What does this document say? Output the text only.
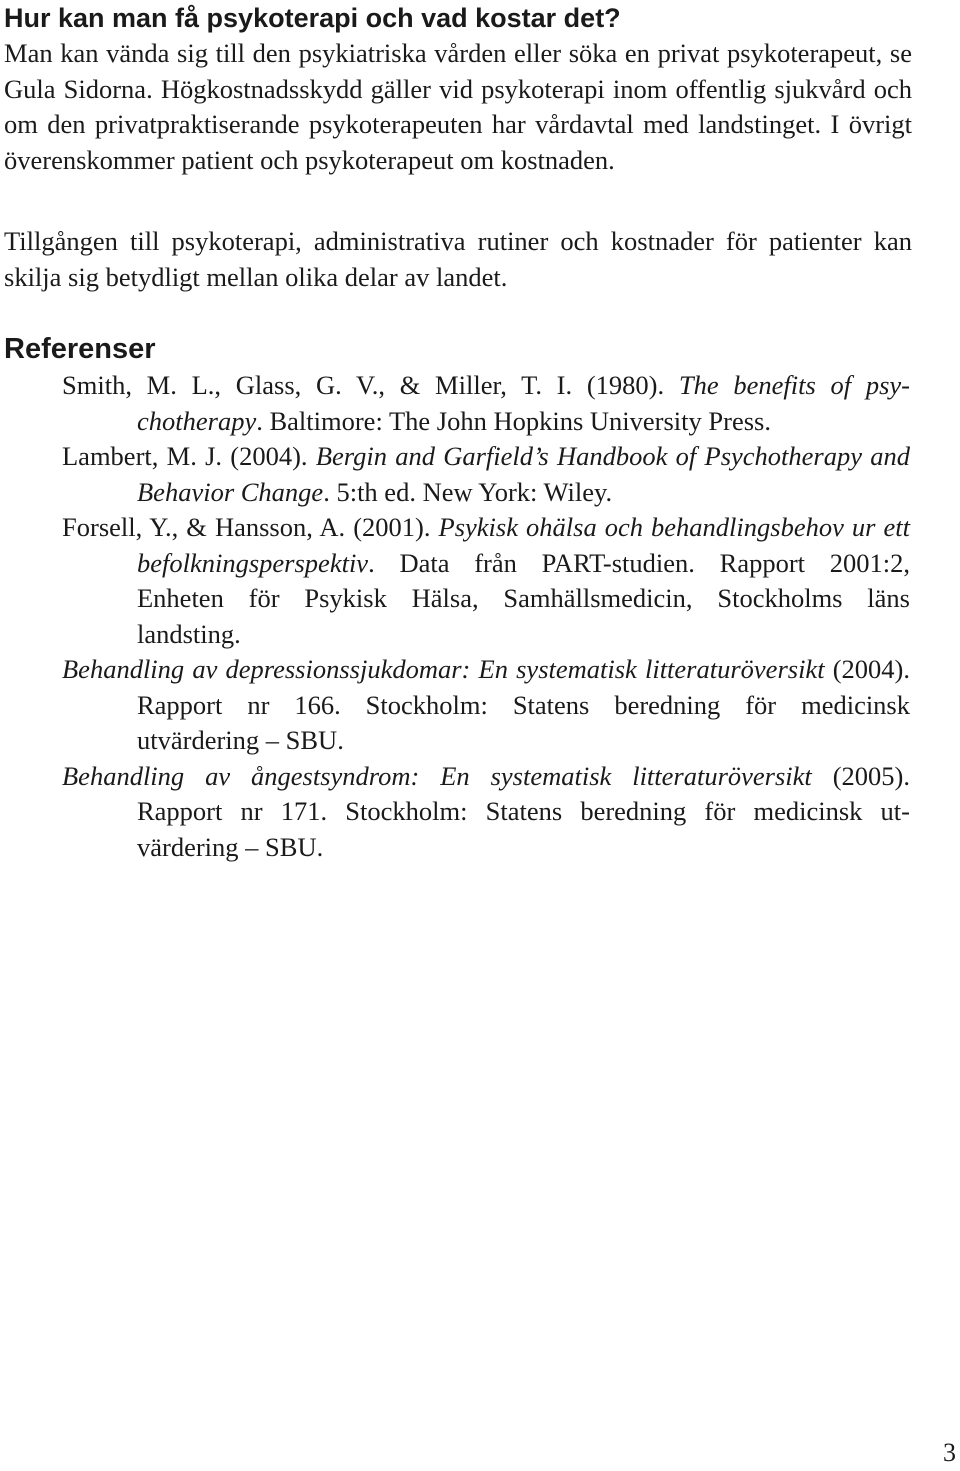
Hur kan man få psykoterapi och vad kostar det?

Man kan vända sig till den psykiatriska vården eller söka en privat psykoterapeut, se Gula Sidorna. Högkostnadsskydd gäller vid psykoterapi inom offentlig sjukvård och om den privatpraktiserande psykoterapeuten har vårdavtal med landstinget. I övrigt överenskommer patient och psykoterapeut om kostnaden.

Tillgången till psykoterapi, administrativa rutiner och kostnader för patienter kan skilja sig betydligt mellan olika delar av landet.

Referenser
Smith, M. L., Glass, G. V., & Miller, T. I. (1980). The benefits of psychotherapy. Baltimore: The John Hopkins University Press.
Lambert, M. J. (2004). Bergin and Garfield’s Handbook of Psychotherapy and Behavior Change. 5:th ed. New York: Wiley.
Forsell, Y., & Hansson, A. (2001). Psykisk ohälsa och behandlingsbehov ur ett befolkningsperspektiv. Data från PART-studien. Rapport 2001:2, Enheten för Psykisk Hälsa, Samhällsmedicin, Stockholms läns landsting.
Behandling av depressionssjukdomar: En systematisk litteraturöversikt (2004). Rapport nr 166. Stockholm: Statens beredning för medicinsk utvärdering – SBU.
Behandling av ångestsyndrom: En systematisk litteraturöversikt (2005). Rapport nr 171. Stockholm: Statens beredning för medicinsk utvärdering – SBU.
3
